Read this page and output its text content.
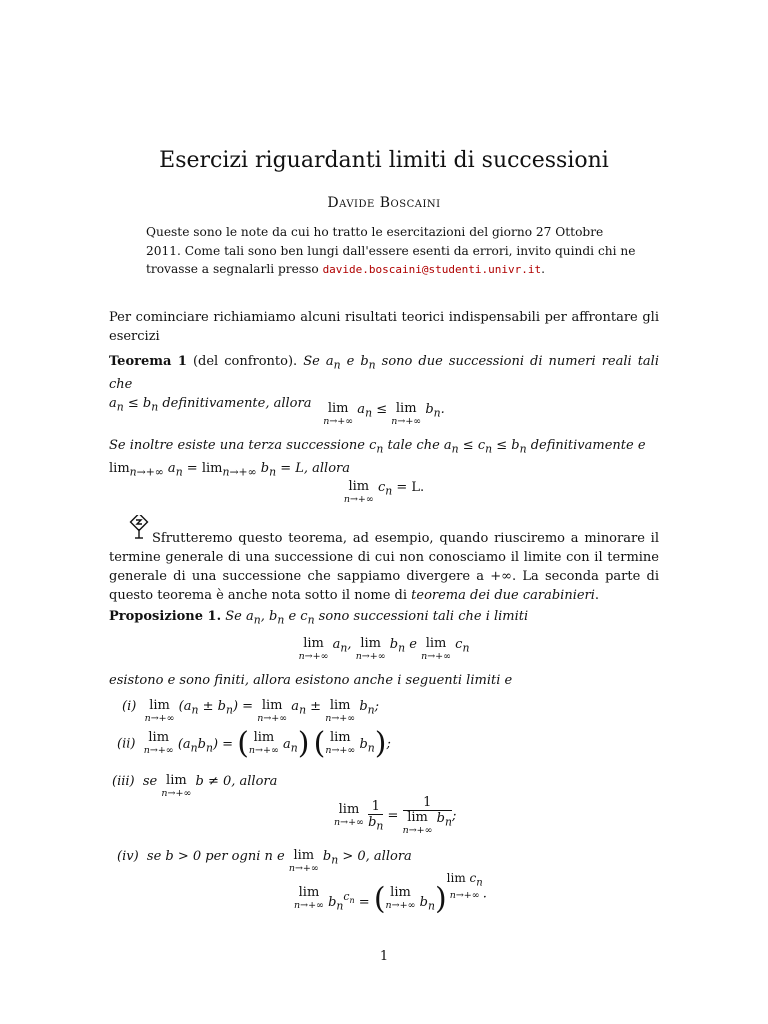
Esercizi riguardanti limiti di successioni
Davide Boscaini
Queste sono le note da cui ho tratto le esercitazioni del giorno 27 Ottobre 2011. Come tali sono ben lungi dall'essere esenti da errori, invito quindi chi ne trovasse a segnalarli presso davide.boscaini@studenti.univr.it.
Per cominciare richiamiamo alcuni risultati teorici indispensabili per affrontare gli esercizi
Teorema 1 (del confronto). Se $a_n$ e $b_n$ sono due successioni di numeri reali tali che
$a_n \le b_n$ definitivamente, allora	lim
n→+∞
$a_n \le \lim$
n→+∞
$b_n$.
Se inoltre esiste una terza successione $c_n$ tale che $a_n \le c_n \le b_n$ definitivamente e
$\lim_{n\to+\infty} a_n = \lim_{n\to+\infty} b_n = L$, allora
lim
n→+∞
$c_n = L$.
Sfrutteremo questo teorema, ad esempio, quando riusciremo a minorare il termine generale di una successione di cui non conosciamo il limite con il termine generale di una successione che sappiamo divergere a +∞. La seconda parte di questo teorema è anche nota sotto il nome di teorema dei due carabinieri.
Proposizione 1. Se $a_n$, $b_n$ e $c_n$ sono successioni tali che i limiti
lim
n→+∞
$a_n$, lim
n→+∞
$b_n$ e lim
n→+∞
$c_n$
esistono e sono finiti, allora esistono anche i seguenti limiti e
(i) lim
n→+∞
$(a_n \pm b_n) = \lim$
n→+∞
$a_n \pm \lim$
n→+∞
$b_n$;
(ii) lim
n→+∞ $(a_nb_n)$ = ( lim
n→+∞ $a_n$) ( lim
n→+∞ $b_n$);
(iii) se lim
n→+∞
b ≠ 0, allora
lim
n→+∞
$\frac{1}{b_n} = 1$
lim
n→+∞
$b_n$ ;
(iv) se b > 0 per ogni n e lim
n→+∞
$b_n > 0$, allora
lim
n→+∞ $b_n^{c_n}$ = ( lim
n→+∞ $b_n)\lim$ $c_n$
n→+∞ .
1
